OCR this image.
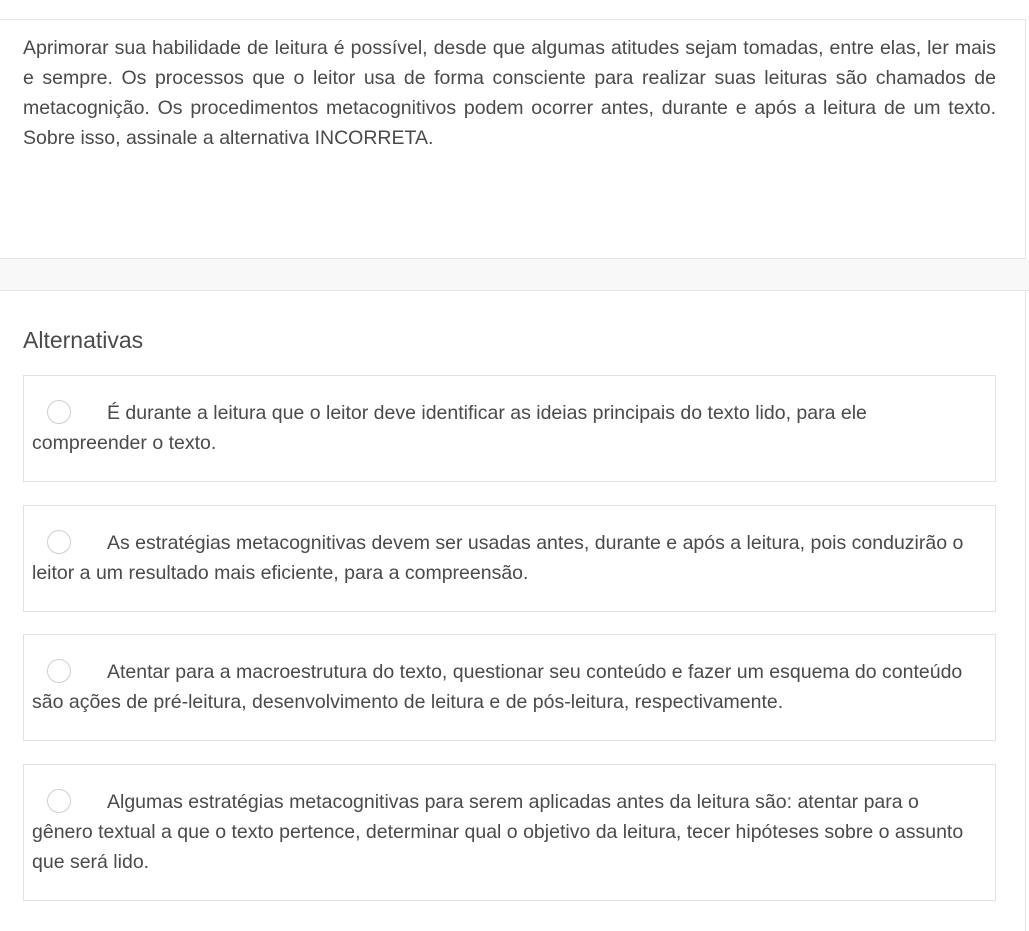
Aprimorar sua habilidade de leitura é possível, desde que algumas atitudes sejam tomadas, entre elas, ler mais e sempre. Os processos que o leitor usa de forma consciente para realizar suas leituras são chamados de metacognição. Os procedimentos metacognitivos podem ocorrer antes, durante e após a leitura de um texto. Sobre isso, assinale a alternativa INCORRETA.

Alternativas

É durante a leitura que o leitor deve identificar as ideias principais do texto lido, para ele compreender o texto.

As estratégias metacognitivas devem ser usadas antes, durante e após a leitura, pois conduzirão o leitor a um resultado mais eficiente, para a compreensão.

Atentar para a macroestrutura do texto, questionar seu conteúdo e fazer um esquema do conteúdo são ações de pré-leitura, desenvolvimento de leitura e de pós-leitura, respectivamente.

Algumas estratégias metacognitivas para serem aplicadas antes da leitura são: atentar para o gênero textual a que o texto pertence, determinar qual o objetivo da leitura, tecer hipóteses sobre o assunto que será lido.
